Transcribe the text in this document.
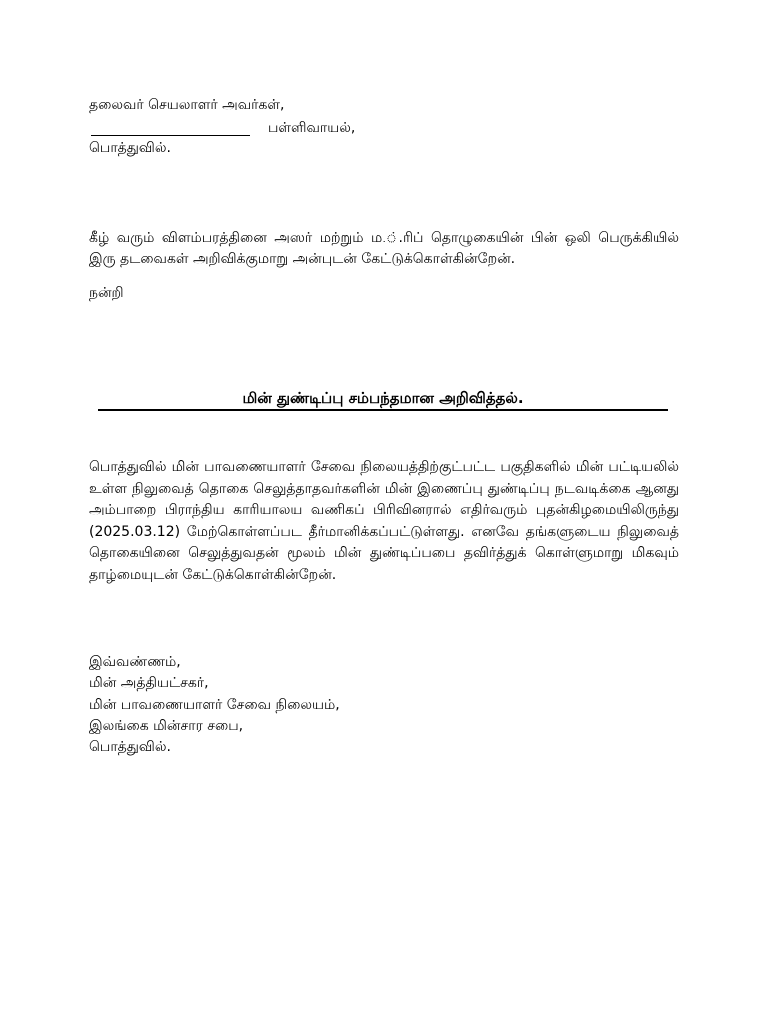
தலைவர் செயலாளர் அவர்கள்,
பள்ளிவாயல்,
பொத்துவில்.
கீழ் வரும் விளம்பரத்தினை அஸர் மற்றும் ம.்.ரிப் தொழுகையின் பின் ஒலி பெருக்கியில் இரு தடவைகள் அறிவிக்குமாறு அன்புடன் கேட்டுக்கொள்கின்றேன்.
நன்றி
மின் துண்டிப்பு சம்பந்தமான அறிவித்தல்.
பொத்துவில் மின் பாவணையாளர் சேவை நிலையத்திற்குட்பட்ட பகுதிகளில் மின் பட்டியலில் உள்ள நிலுவைத் தொகை செலுத்தாதவர்களின் மின் இணைப்பு துண்டிப்பு நடவடிக்கை ஆனது அம்பாறை பிராந்திய காரியாலய வணிகப் பிரிவினரால் எதிர்வரும் புதன்கிழமையிலிருந்து (2025.03.12) மேற்கொள்ளப்பட தீர்மானிக்கப்பட்டுள்ளது. எனவே தங்களுடைய நிலுவைத் தொகையினை செலுத்துவதன் மூலம் மின் துண்டிப்பபை தவிர்த்துக் கொள்ளுமாறு மிகவும் தாழ்மையுடன் கேட்டுக்கொள்கின்றேன்.
இவ்வண்ணம்,
மின் அத்தியட்சகர்,
மின் பாவணையாளர் சேவை நிலையம்,
இலங்கை மின்சார சபை,
பொத்துவில்.
